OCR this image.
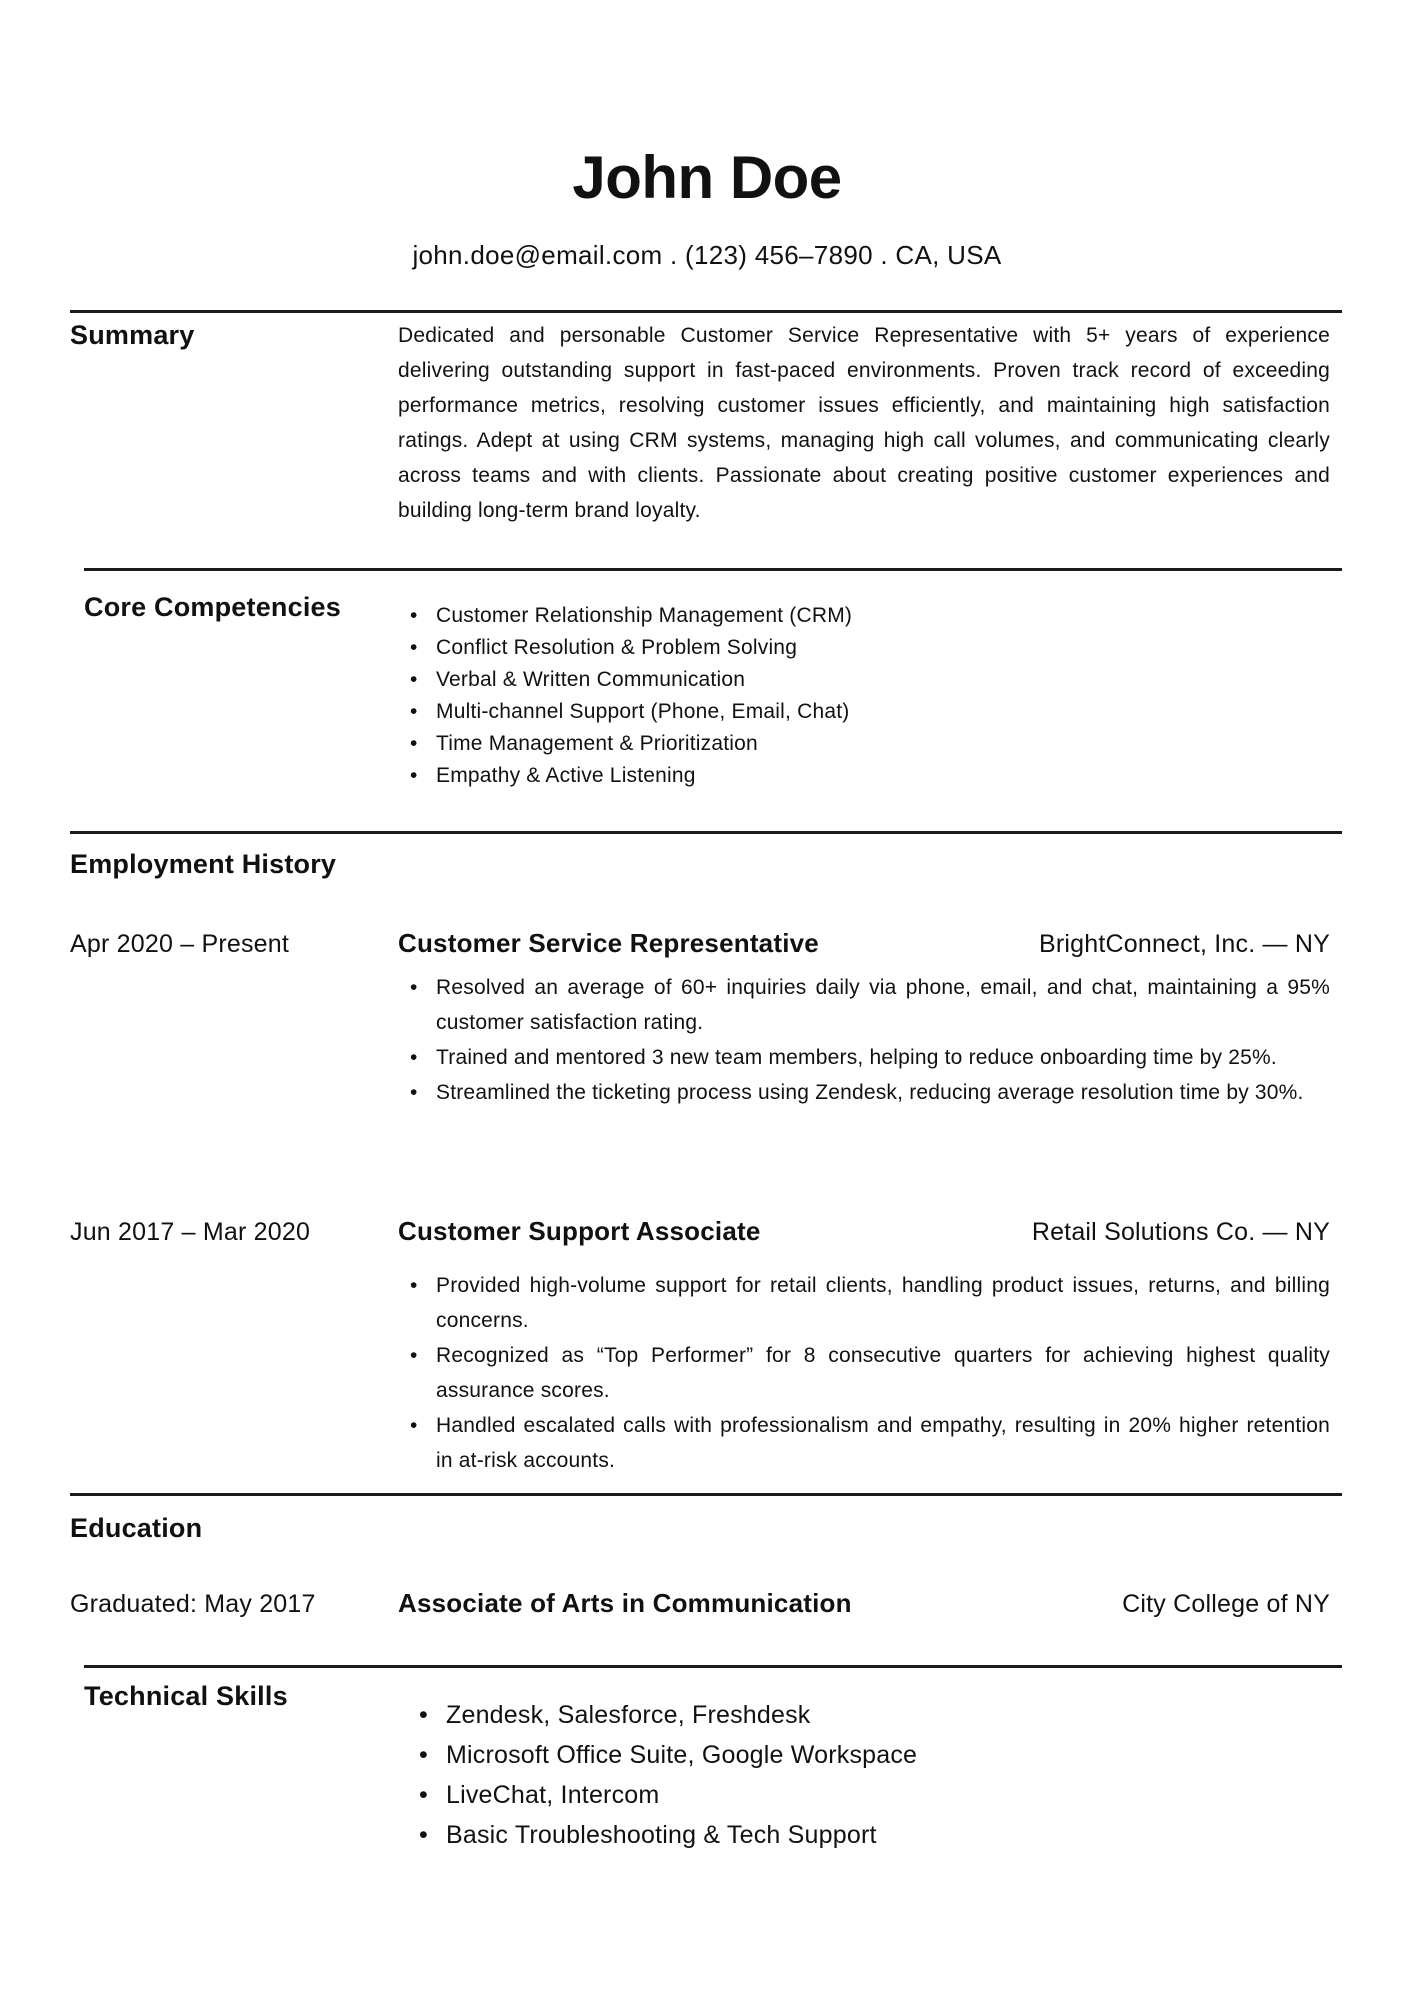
John Doe
john.doe@email.com . (123) 456–7890 . CA, USA
Summary	Dedicated and personable Customer Service Representative with 5+ years of experience delivering outstanding support in fast-paced environments. Proven track record of exceeding performance metrics, resolving customer issues efficiently, and maintaining high satisfaction ratings. Adept at using CRM systems, managing high call volumes, and communicating clearly across teams and with clients. Passionate about creating positive customer experiences and building long-term brand loyalty.
Core Competencies	• Customer Relationship Management (CRM)
• Conflict Resolution & Problem Solving
• Verbal & Written Communication
• Multi-channel Support (Phone, Email, Chat)
• Time Management & Prioritization
• Empathy & Active Listening
Employment History
Apr 2020 – Present	Customer Service Representative	BrightConnect, Inc. — NY
• Resolved an average of 60+ inquiries daily via phone, email, and chat, maintaining a 95% customer satisfaction rating.
• Trained and mentored 3 new team members, helping to reduce onboarding time by 25%.
• Streamlined the ticketing process using Zendesk, reducing average resolution time by 30%.
Jun 2017 – Mar 2020	Customer Support Associate	Retail Solutions Co. — NY
• Provided high-volume support for retail clients, handling product issues, returns, and billing concerns.
• Recognized as “Top Performer” for 8 consecutive quarters for achieving highest quality assurance scores.
• Handled escalated calls with professionalism and empathy, resulting in 20% higher retention in at-risk accounts.
Education
Graduated: May 2017	Associate of Arts in Communication	City College of NY
Technical Skills
• Zendesk, Salesforce, Freshdesk
• Microsoft Office Suite, Google Workspace
• LiveChat, Intercom
• Basic Troubleshooting & Tech Support
